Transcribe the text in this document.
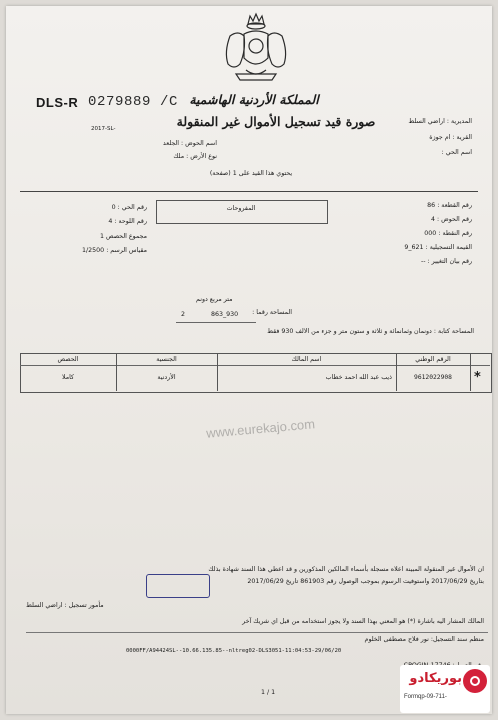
DLS-R 0279889 /C المملكة الأردنية الهاشمية
صورة قيد تسجيل الأموال غير المنقولة
2017-SL-
المديرية : اراضي السلط
القرية : ام جوزة
اسم الحي :
اسم الحوض : الجلعد
نوع الأرض : ملك
يحتوي هذا القيد على 1 (صفحة)
رقم القطعة : 86
رقم الحوض : 4
رقم النقطة : 000
القيمة التسجيلية : 621_9
رقم بيان التغيير : --
رقم الحي : 0
رقم اللوحة : 4
مجموع الحصص 1
مقياس الرسم : 1/2500
المفروحات
متر مربع دونم
المساحة رقما :
863_930
2
المساحة كتابة : دونمان وثمانمائة و ثلاثة و ستون متر و جزء من الالف 930 فقط
الرقم الوطني
اسم المالك
الجنسية
الحصص
9612022908
ذيب عبد الله احمد خطاب
الأردنية
كاملا	*
www.eurekajo.com
ان الأموال غير المنقولة المبينة اعلاه مسجلة بأسماء المالكين المذكورين و قد اعطي هذا السند شهادة بذلك
بتاريخ 2017/06/29 واستوفيت الرسوم بموجب الوصول رقم 861903 تاريخ 2017/06/29
مأمور تسجيل : اراضي السلط
المالك المشار اليه باشارة (*) هو المعني بهذا السند ولا يجوز استخدامه من قبل اي شريك آخر
منظم سند التسجيل: نور فلاح مصطفى الخلوم
0000FF/A94424SL--10.66.135.85--nltreg02-DLS3051-11:04:53-29/06/20
1 / 1
بوريكادو
Formqp-09-711-
